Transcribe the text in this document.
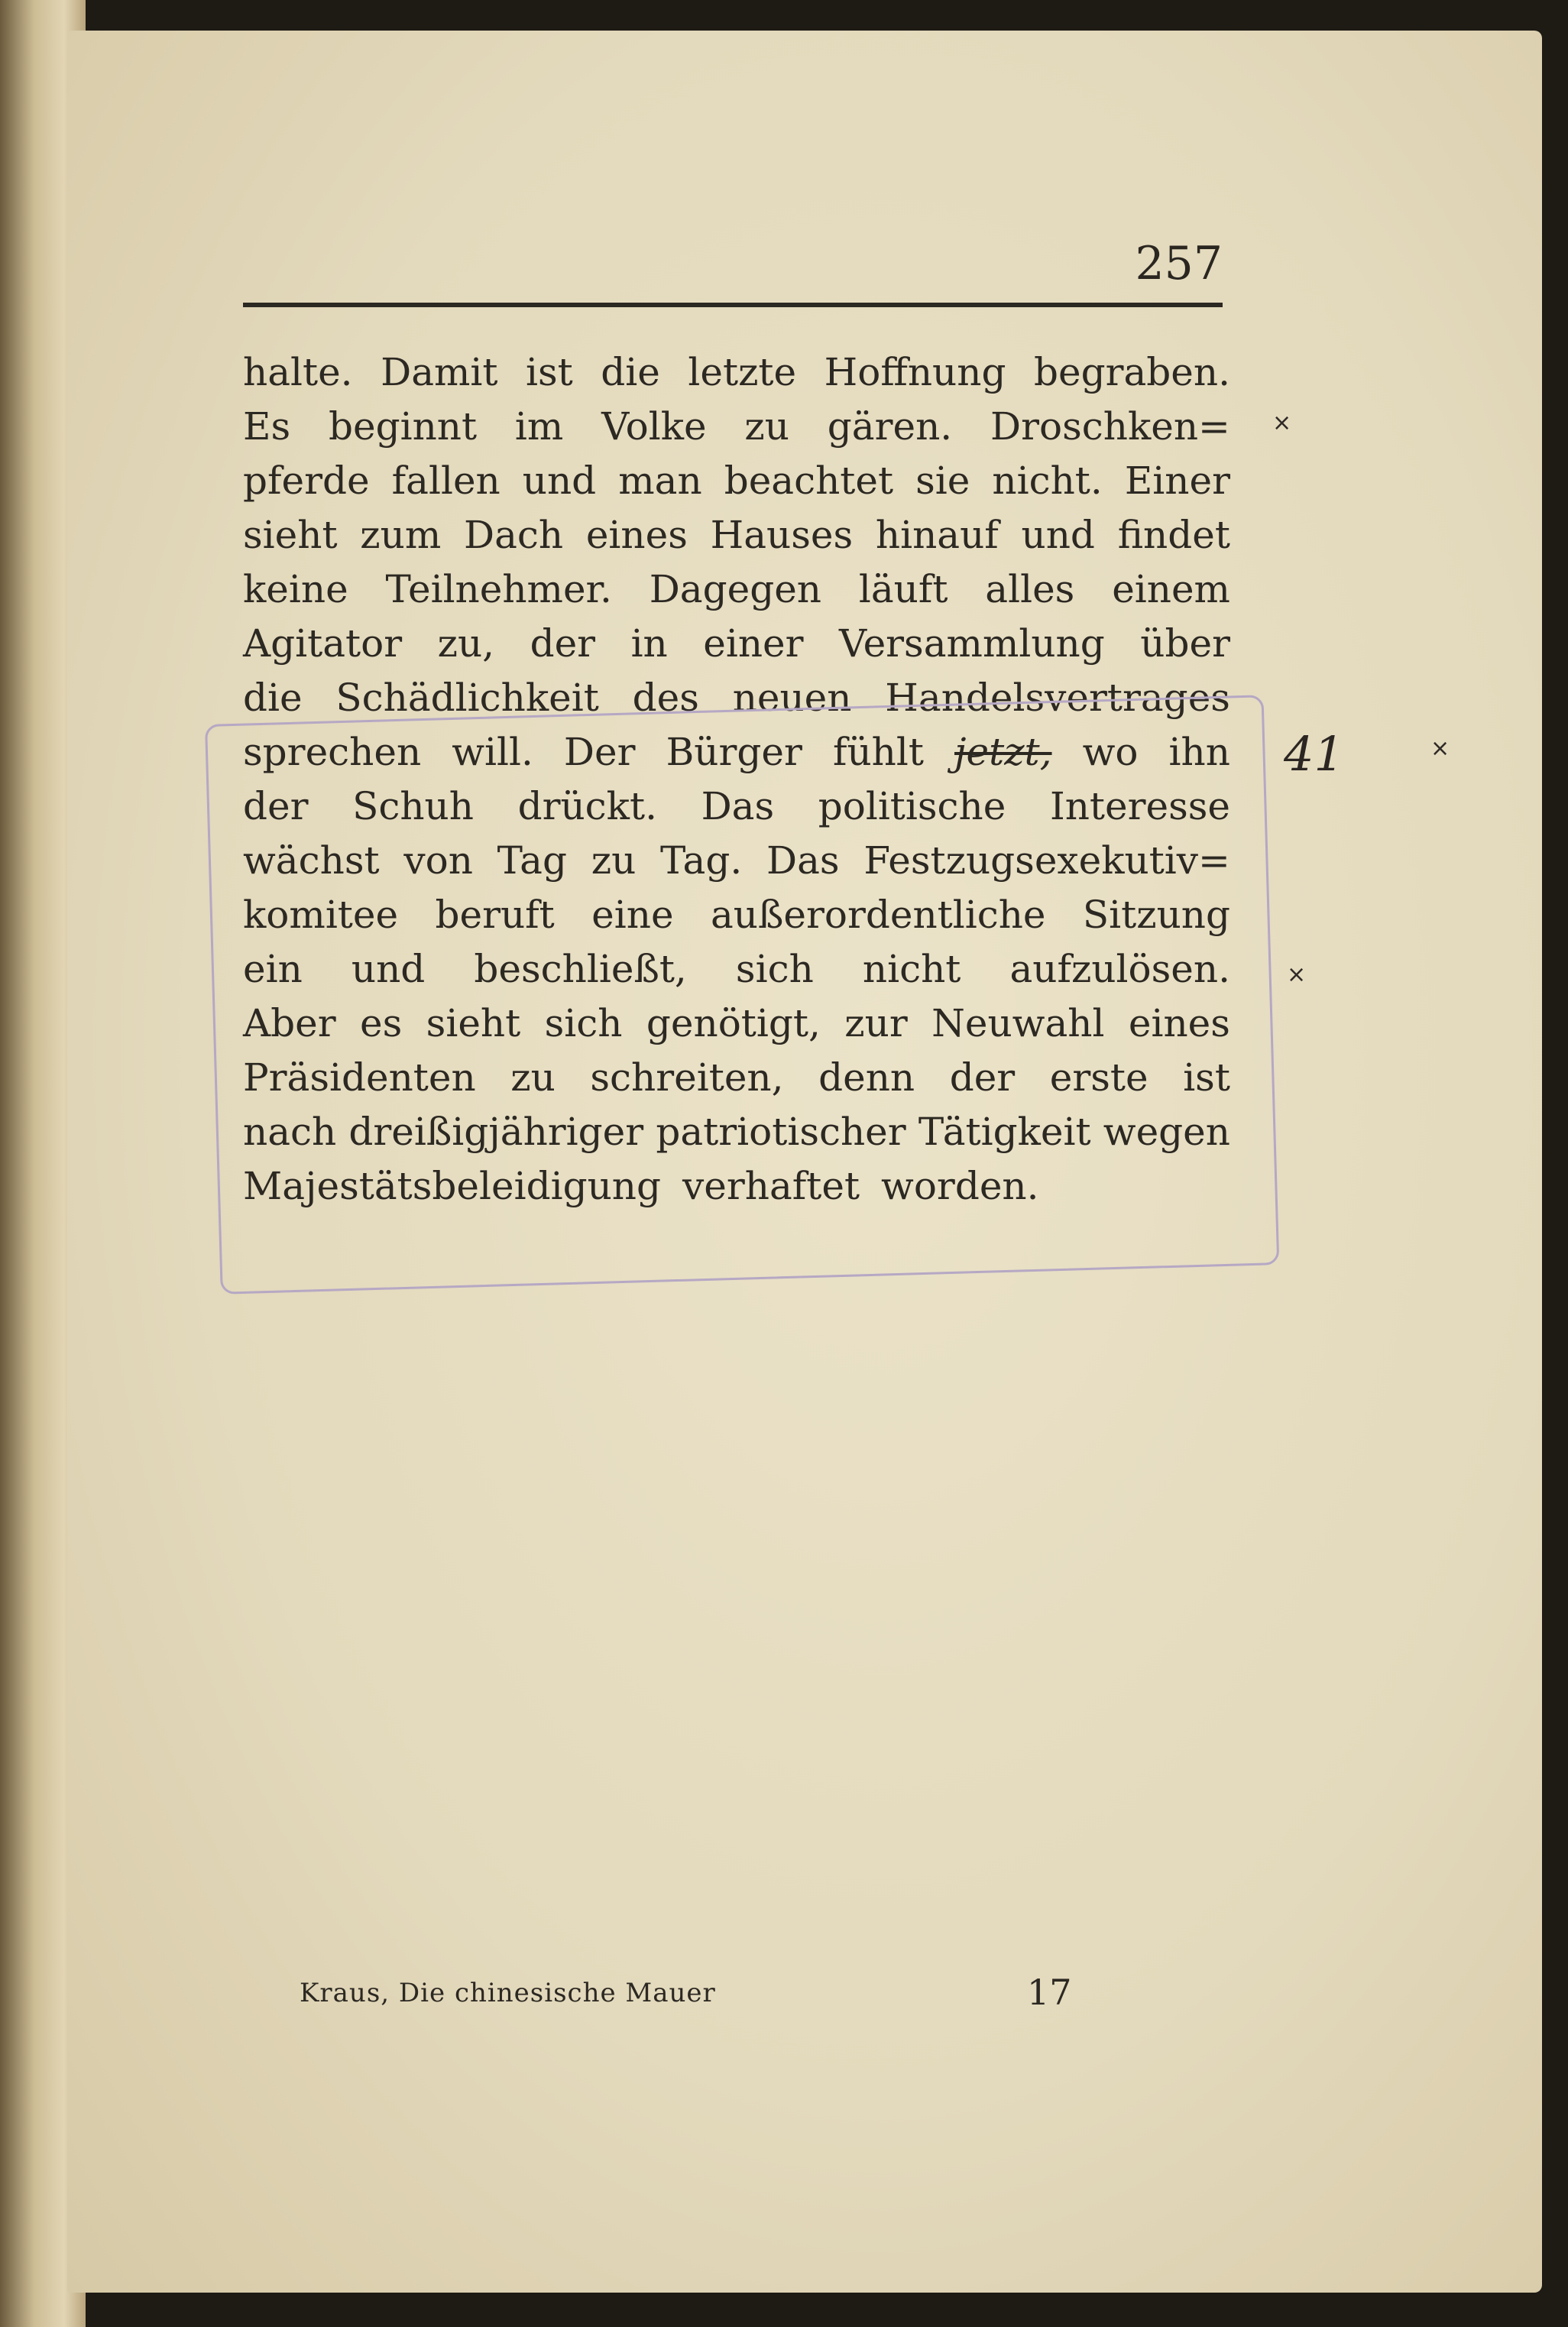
257
halte. Damit ist die letzte Hoffnung begraben.
Es beginnt im Volke zu gären. Droschken=
pferde fallen und man beachtet sie nicht. Einer
sieht zum Dach eines Hauses hinauf und findet
keine Teilnehmer. Dagegen läuft alles einem
Agitator zu, der in einer Versammlung über
die Schädlichkeit des neuen Handelsvertrages
sprechen will. Der Bürger fühlt jetzt, wo ihn
der Schuh drückt. Das politische Interesse
wächst von Tag zu Tag. Das Festzugsexekutiv=
komitee beruft eine außerordentliche Sitzung
ein und beschließt, sich nicht aufzulösen.
Aber es sieht sich genötigt, zur Neuwahl eines
Präsidenten zu schreiten, denn der erste ist
nach dreißigjähriger patriotischer Tätigkeit wegen
Majestätsbeleidigung verhaftet worden.
×
×
×
41
Kraus, Die chinesische Mauer	17
